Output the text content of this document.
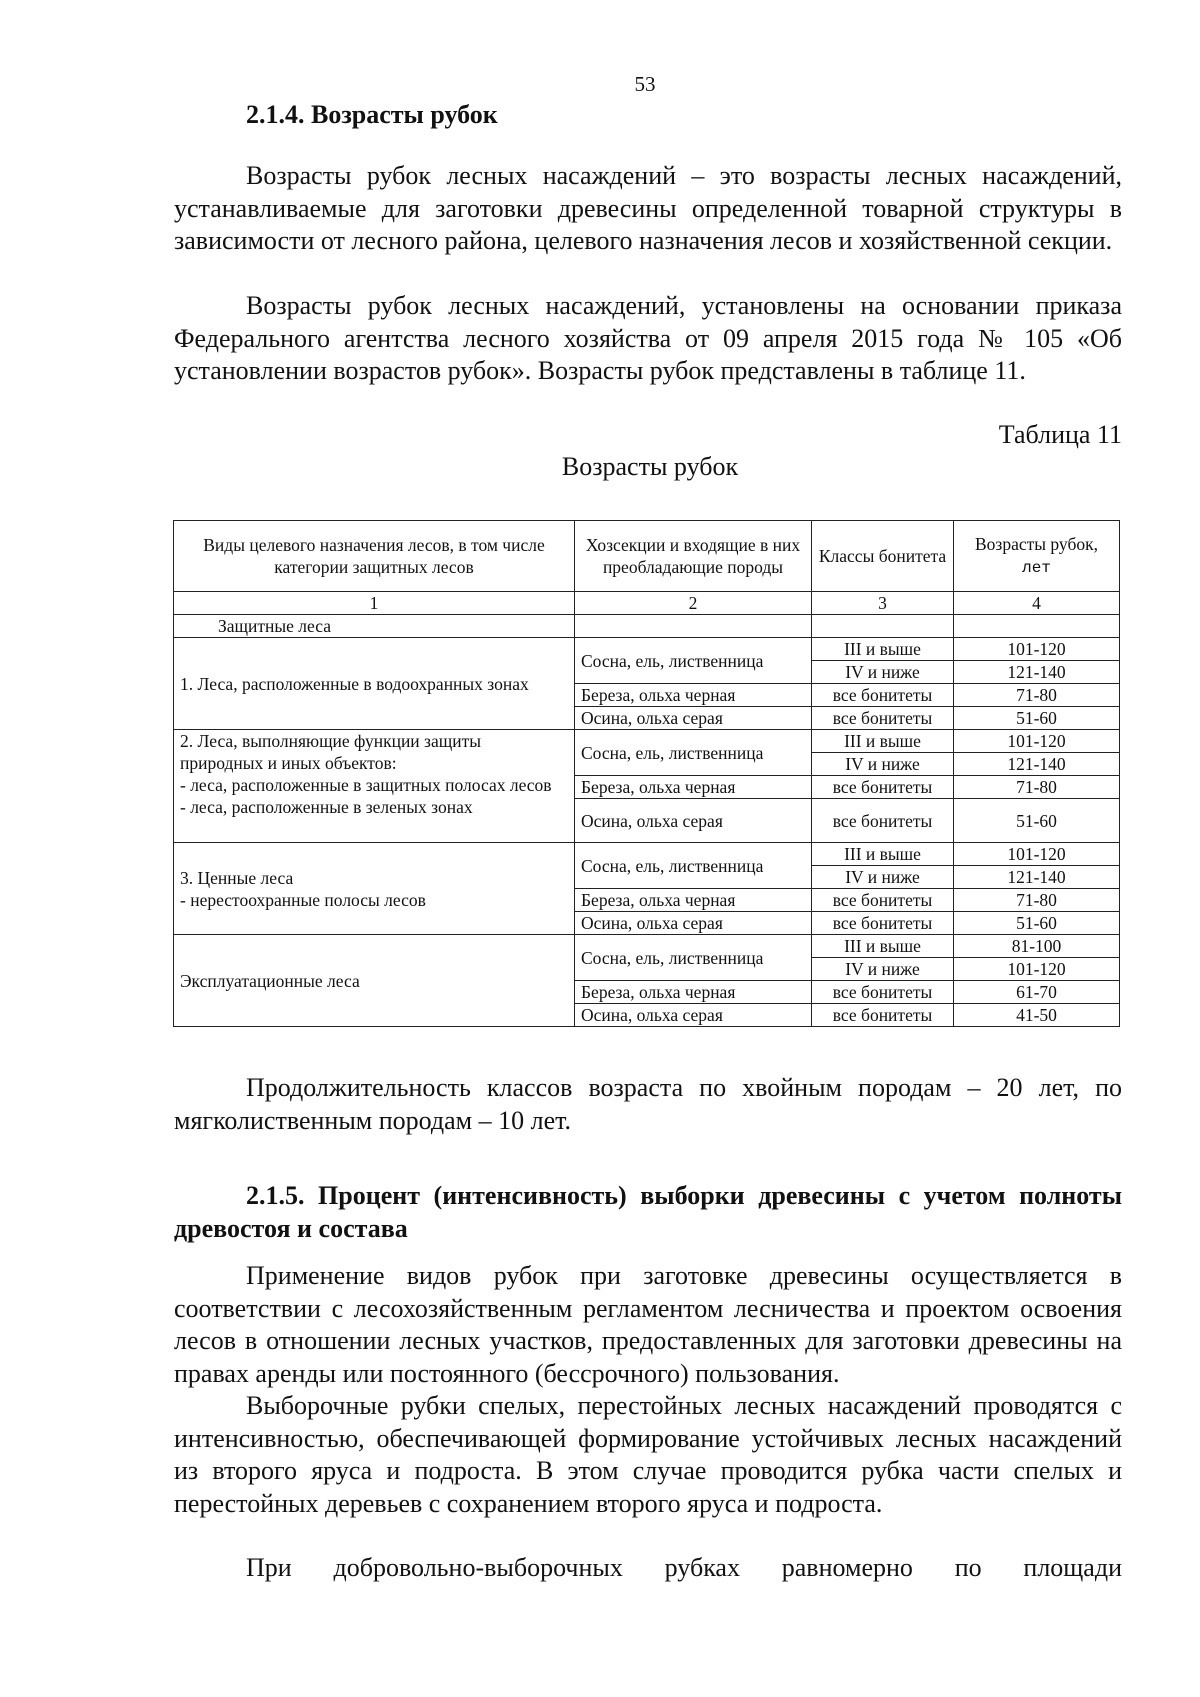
53
2.1.4. Возрасты рубок

Возрасты рубок лесных насаждений – это возрасты лесных насаждений, устанавливаемые для заготовки древесины определенной товарной структуры в зависимости от лесного района, целевого назначения лесов и хозяйственной секции.

Возрасты рубок лесных насаждений, установлены на основании приказа Федерального агентства лесного хозяйства от 09 апреля 2015 года № 105 «Об установлении возрастов рубок». Возрасты рубок представлены в таблице 11.

Таблица 11
Возрасты рубок
Виды целевого назначения лесов, в том числе категории защитных лесов	Хозсекции и входящие в них преобладающие породы	Классы бонитета	Возрасты рубок, лет
1	2	3	4
Защитные леса			
1. Леса, расположенные в водоохранных зонах	Сосна, ель, лиственница	III и выше	101-120
		IV и ниже	121-140
	Береза, ольха черная	все бонитеты	71-80
	Осина, ольха серая	все бонитеты	51-60

2. Леса, выполняющие функции защиты природных и иных объектов:
- леса, расположенные в защитных полосах лесов
- леса, расположенные в зеленых зонах	Сосна, ель, лиственница	III и выше	101-120
		IV и ниже	121-140
	Береза, ольха черная	все бонитеты	71-80
	Осина, ольха серая	все бонитеты	51-60

3. Ценные леса
- нерестоохранные полосы лесов	Сосна, ель, лиственница	III и выше	101-120
		IV и ниже	121-140
	Береза, ольха черная	все бонитеты	71-80
	Осина, ольха серая	все бонитеты	51-60
Эксплуатационные леса	Сосна, ель, лиственница	III и выше	81-100
		IV и ниже	101-120
	Береза, ольха черная	все бонитеты	61-70
	Осина, ольха серая	все бонитеты	41-50

Продолжительность классов возраста по хвойным породам – 20 лет, по мягколиственным породам – 10 лет.

2.1.5. Процент (интенсивность) выборки древесины с учетом полноты древостоя и состава

Применение видов рубок при заготовке древесины осуществляется в соответствии с лесохозяйственным регламентом лесничества и проектом освоения лесов в отношении лесных участков, предоставленных для заготовки древесины на правах аренды или постоянного (бессрочного) пользования.

Выборочные рубки спелых, перестойных лесных насаждений проводятся с интенсивностью, обеспечивающей формирование устойчивых лесных насаждений из второго яруса и подроста. В этом случае проводится рубка части спелых и перестойных деревьев с сохранением второго яруса и подроста.

При добровольно-выборочных рубках равномерно по площади
